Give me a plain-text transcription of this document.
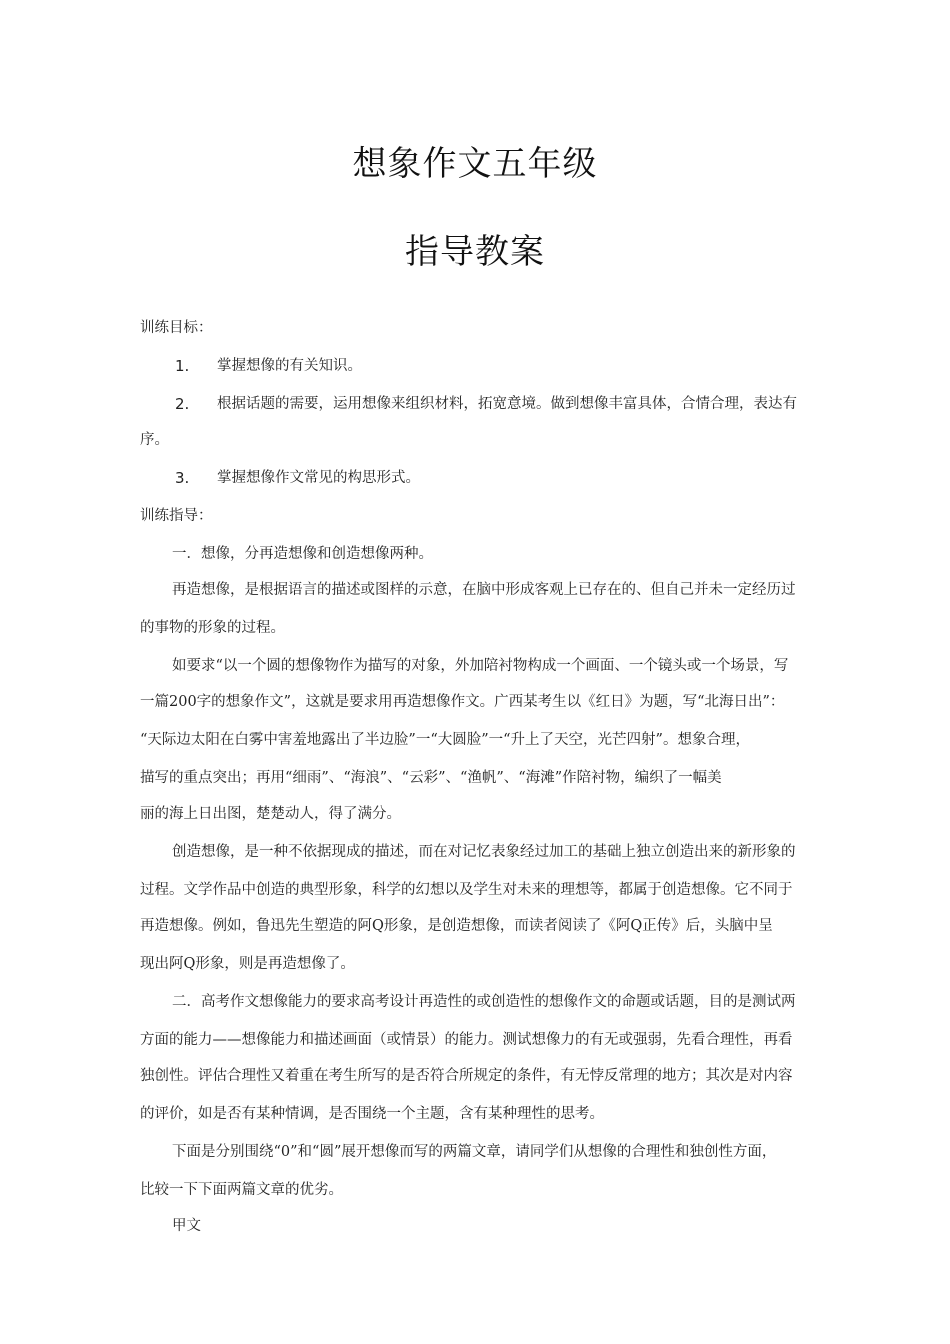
想象作文五年级
指导教案
训练目标：
1. 掌握想像的有关知识。
2. 根据话题的需要，运用想像来组织材料，拓宽意境。做到想像丰富具体，合情合理，表达有
序。
3. 掌握想像作文常见的构思形式。
训练指导：
一．想像，分再造想像和创造想像两种。
再造想像，是根据语言的描述或图样的示意，在脑中形成客观上已存在的、但自己并未一定经历过
的事物的形象的过程。
如要求“以一个圆的想像物作为描写的对象，外加陪衬物构成一个画面、一个镜头或一个场景，写
一篇200字的想象作文”，这就是要求用再造想像作文。广西某考生以《红日》为题，写“北海日出”：
“天际边太阳在白雾中害羞地露出了半边脸”一“大圆脸”一“升上了天空，光芒四射”。想象合理，
描写的重点突出；再用“细雨”、“海浪”、“云彩”、“渔帆”、“海滩”作陪衬物，编织了一幅美
丽的海上日出图，楚楚动人，得了满分。
创造想像，是一种不依据现成的描述，而在对记忆表象经过加工的基础上独立创造出来的新形象的
过程。文学作品中创造的典型形象，科学的幻想以及学生对未来的理想等，都属于创造想像。它不同于
再造想像。例如，鲁迅先生塑造的阿Q形象，是创造想像，而读者阅读了《阿Q正传》后，头脑中呈
现出阿Q形象，则是再造想像了。
二．高考作文想像能力的要求高考设计再造性的或创造性的想像作文的命题或话题，目的是测试两
方面的能力——想像能力和描述画面（或情景）的能力。测试想像力的有无或强弱，先看合理性，再看
独创性。评估合理性又着重在考生所写的是否符合所规定的条件，有无悖反常理的地方；其次是对内容
的评价，如是否有某种情调，是否围绕一个主题，含有某种理性的思考。
下面是分别围绕“0”和“圆”展开想像而写的两篇文章，请同学们从想像的合理性和独创性方面，
比较一下下面两篇文章的优劣。
甲文
